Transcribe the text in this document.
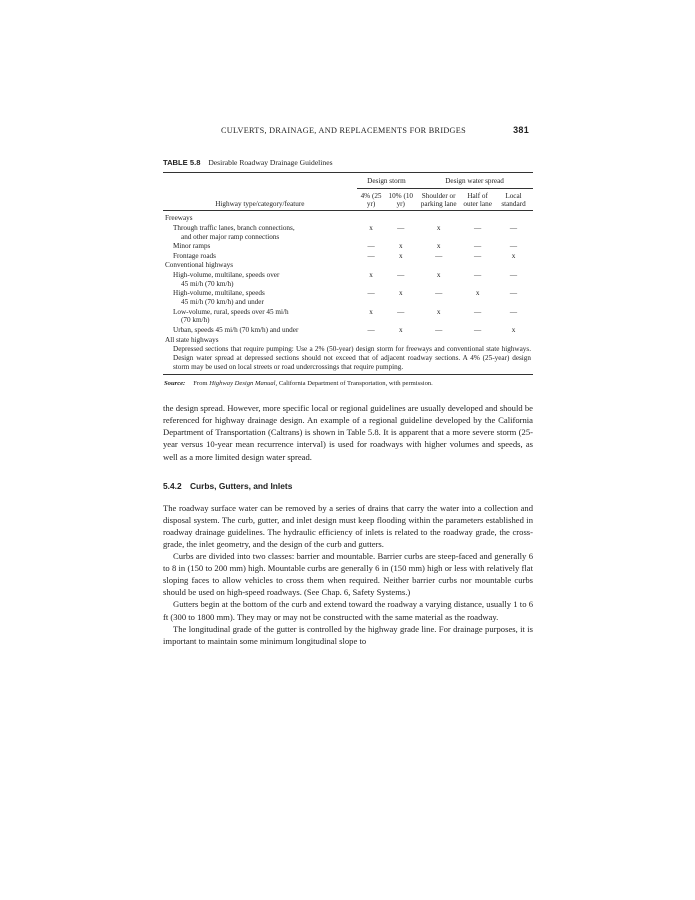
CULVERTS, DRAINAGE, AND REPLACEMENTS FOR BRIDGES	381
TABLE 5.8 Desirable Roadway Drainage Guidelines
	Design storm		Design water spread		
Highway type/category/feature	4% (25 yr)	10% (10 yr)	Shoulder or parking lane	Half of outer lane	Local standard

Freeways					
Through traffic lanes, branch connections,
and other major ramp connections	x	—	x	—	—
Minor ramps	—	x	x	—	—
Frontage roads	—	x	—	—	x
Conventional highways					
High-volume, multilane, speeds over
45 mi/h (70 km/h)	x	—	x	—	—
High-volume, multilane, speeds
45 mi/h (70 km/h) and under	—	x	—	x	—
Low-volume, rural, speeds over 45 mi/h
(70 km/h)	x	—	x	—	—
Urban, speeds 45 mi/h (70 km/h) and under	—	x	—	—	x
All state highways					
Depressed sections that require pumping: Use a 2% (50-year) design storm for freeways and conventional state highways. Design water spread at depressed sections should not exceed that of adjacent roadway sections. A 4% (25-year) design storm may be used on local streets or road undercrossings that require pumping.					
Source: From Highway Design Manual, California Department of Transportation, with permission.

the design spread. However, more specific local or regional guidelines are usually developed and should be referenced for highway drainage design. An example of a regional guideline developed by the California Department of Transportation (Caltrans) is shown in Table 5.8. It is apparent that a more severe storm (25-year versus 10-year mean recurrence interval) is used for roadways with higher volumes and speeds, as well as a more limited design water spread.

5.4.2 Curbs, Gutters, and Inlets

The roadway surface water can be removed by a series of drains that carry the water into a collection and disposal system. The curb, gutter, and inlet design must keep flooding within the parameters established in roadway drainage guidelines. The hydraulic efficiency of inlets is related to the roadway grade, the cross-grade, the inlet geometry, and the design of the curb and gutters.

Curbs are divided into two classes: barrier and mountable. Barrier curbs are steep-faced and generally 6 to 8 in (150 to 200 mm) high. Mountable curbs are generally 6 in (150 mm) high or less with relatively flat sloping faces to allow vehicles to cross them when required. Neither barrier curbs nor mountable curbs should be used on high-speed roadways. (See Chap. 6, Safety Systems.)

Gutters begin at the bottom of the curb and extend toward the roadway a varying distance, usually 1 to 6 ft (300 to 1800 mm). They may or may not be constructed with the same material as the roadway.

The longitudinal grade of the gutter is controlled by the highway grade line. For drainage purposes, it is important to maintain some minimum longitudinal slope to
